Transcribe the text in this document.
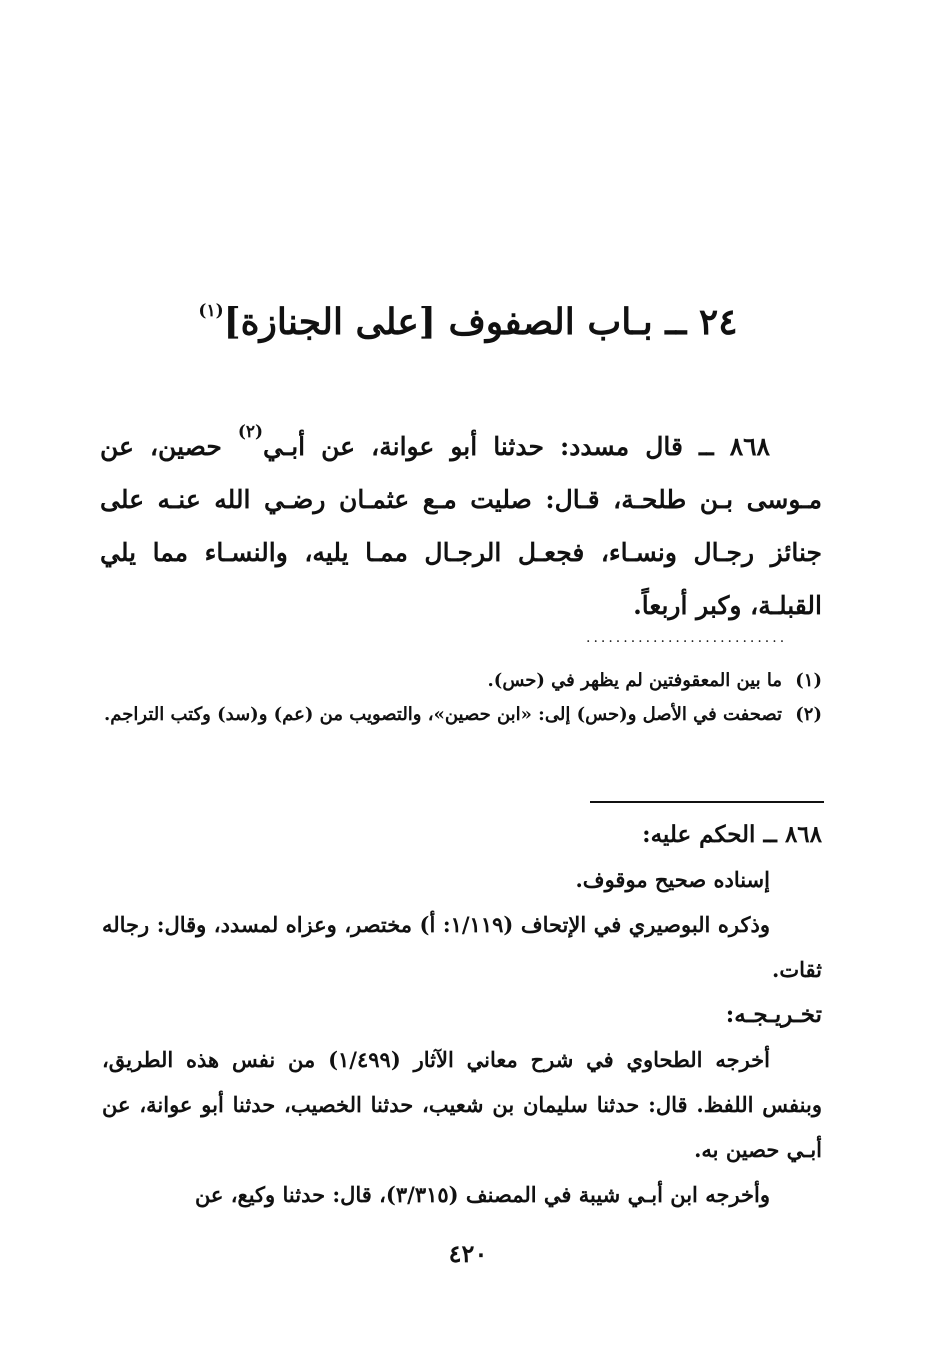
٢٤ ــ بـاب الصفوف [على الجنازة]$^{(١)}$

٨٦٨ ــ قال مسدد: حدثنا أبو عوانة، عن أبـي$^{(٢)}$ حصين، عن مـوسى بـن طلحـة، قـال: صليت مـع عثمـان رضـي الله عنـه على جنائز رجـال ونسـاء، فجعـل الرجـال ممـا يليه، والنسـاء مما يلي القبلـة، وكبر أربعاً.

...........................

(١)
ما بين المعقوفتين لم يظهر في (حس).

(٢)
تصحفت في الأصل و(حس) إلى: «ابن حصين»، والتصويب من (عم) و(سد) وكتب التراجم.

٨٦٨ ــ الحكم عليه:

إسناده صحيح موقوف.

وذكره البوصيري في الإتحاف (١/١١٩: أ) مختصر، وعزاه لمسدد، وقال: رجاله ثقات.

تخـريـجـه:

أخرجه الطحاوي في شرح معاني الآثار (١/٤٩٩) من نفس هذه الطريق، وبنفس اللفظ. قال: حدثنا سليمان بن شعيب، حدثنا الخصيب، حدثنا أبو عوانة، عن أبـي حصين به.

وأخرجه ابن أبـي شيبة في المصنف (٣/٣١٥)، قال: حدثنا وكيع، عن

٤٢٠
